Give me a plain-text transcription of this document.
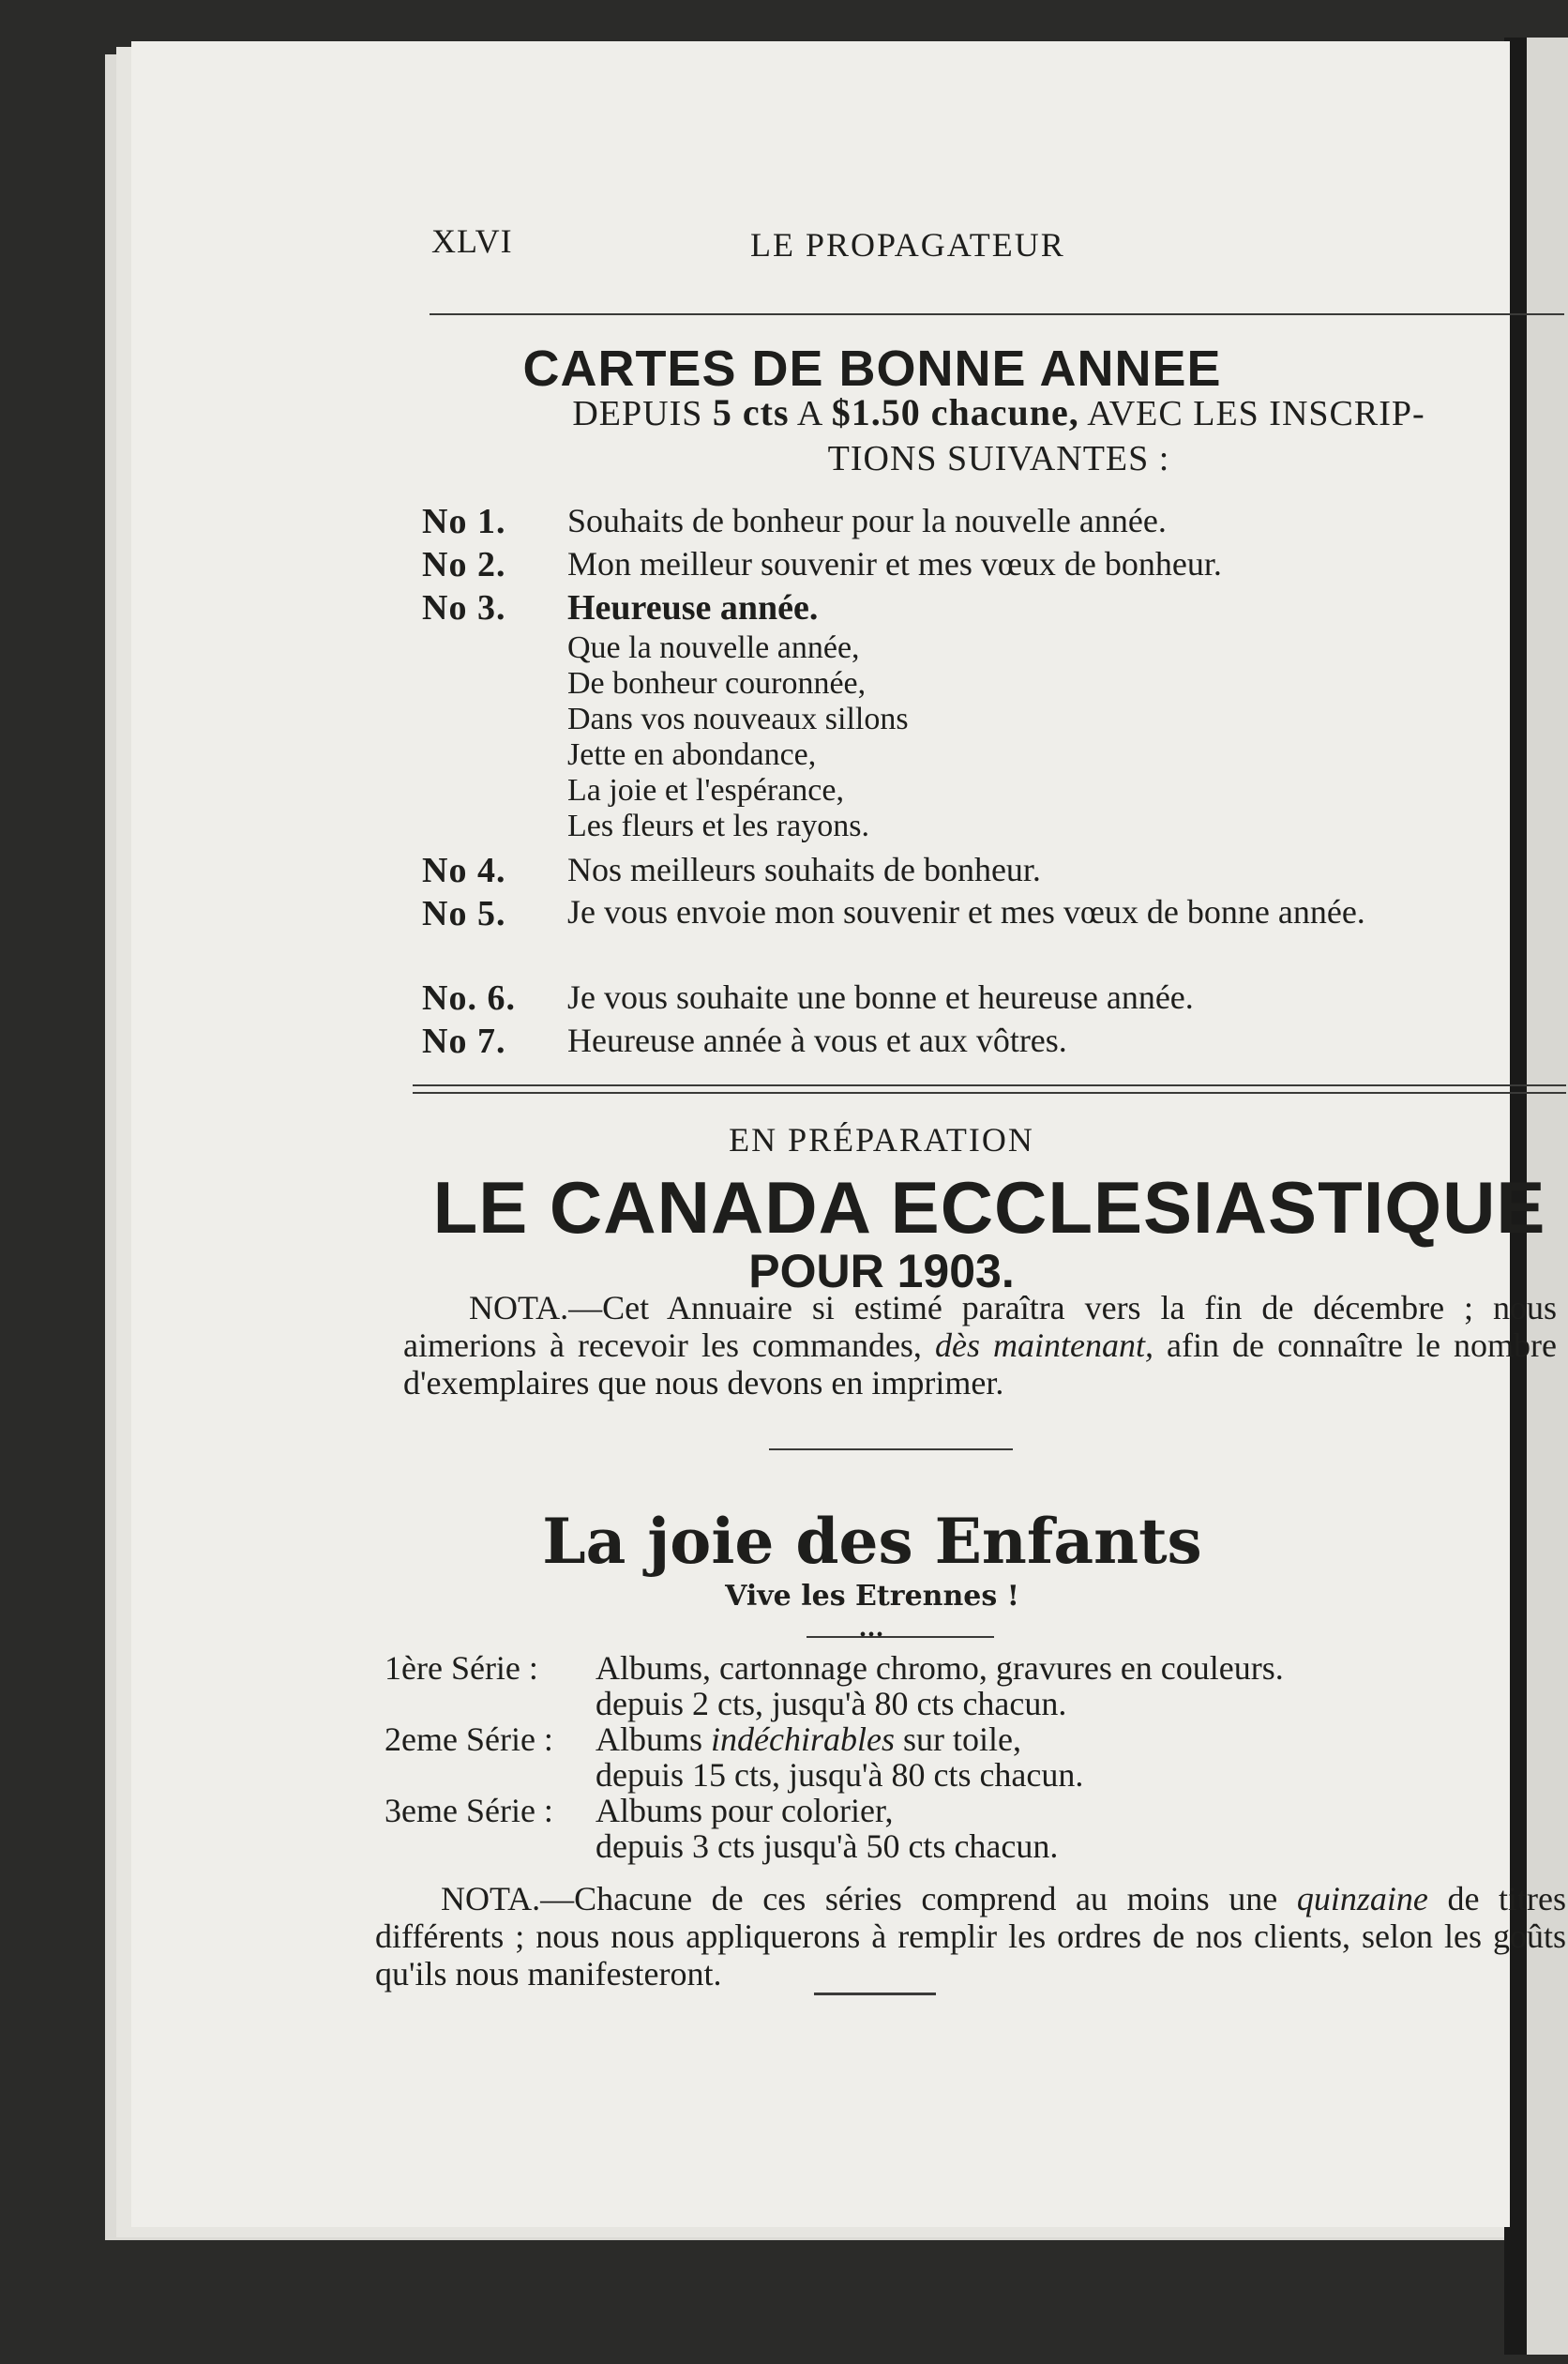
XLVI	LE PROPAGATEUR
CARTES DE BONNE ANNEE
DEPUIS 5 cts A $1.50 chacune, AVEC LES INSCRIP-
TIONS SUIVANTES :
No 1. Souhaits de bonheur pour la nouvelle année.
No 2. Mon meilleur souvenir et mes vœux de bonheur.
No 3. Heureuse année.
Que la nouvelle année,
De bonheur couronnée,
Dans vos nouveaux sillons
Jette en abondance,
La joie et l'espérance,
Les fleurs et les rayons.
No 4. Nos meilleurs souhaits de bonheur.
No 5. Je vous envoie mon souvenir et mes vœux de bonne année.
No. 6. Je vous souhaite une bonne et heureuse année.
No 7. Heureuse année à vous et aux vôtres.
EN PRÉPARATION
LE CANADA ECCLESIASTIQUE
POUR 1903.
NOTA.—Cet Annuaire si estimé paraîtra vers la fin de décembre ; nous aimerions à recevoir les commandes, dès maintenant, afin de connaître le nombre d'exemplaires que nous devons en imprimer.
La joie des Enfants
Vive les Etrennes !
•••
1ère Série :	Albums, cartonnage chromo, gravures en couleurs.
depuis 2 cts, jusqu'à 80 cts chacun.
2eme Série :	Albums indéchirables sur toile,
depuis 15 cts, jusqu'à 80 cts chacun.
3eme Série :	Albums pour colorier,
depuis 3 cts jusqu'à 50 cts chacun.
NOTA.—Chacune de ces séries comprend au moins une quinzaine de titres différents ; nous nous appliquerons à remplir les ordres de nos clients, selon les goûts qu'ils nous manifesteront.
